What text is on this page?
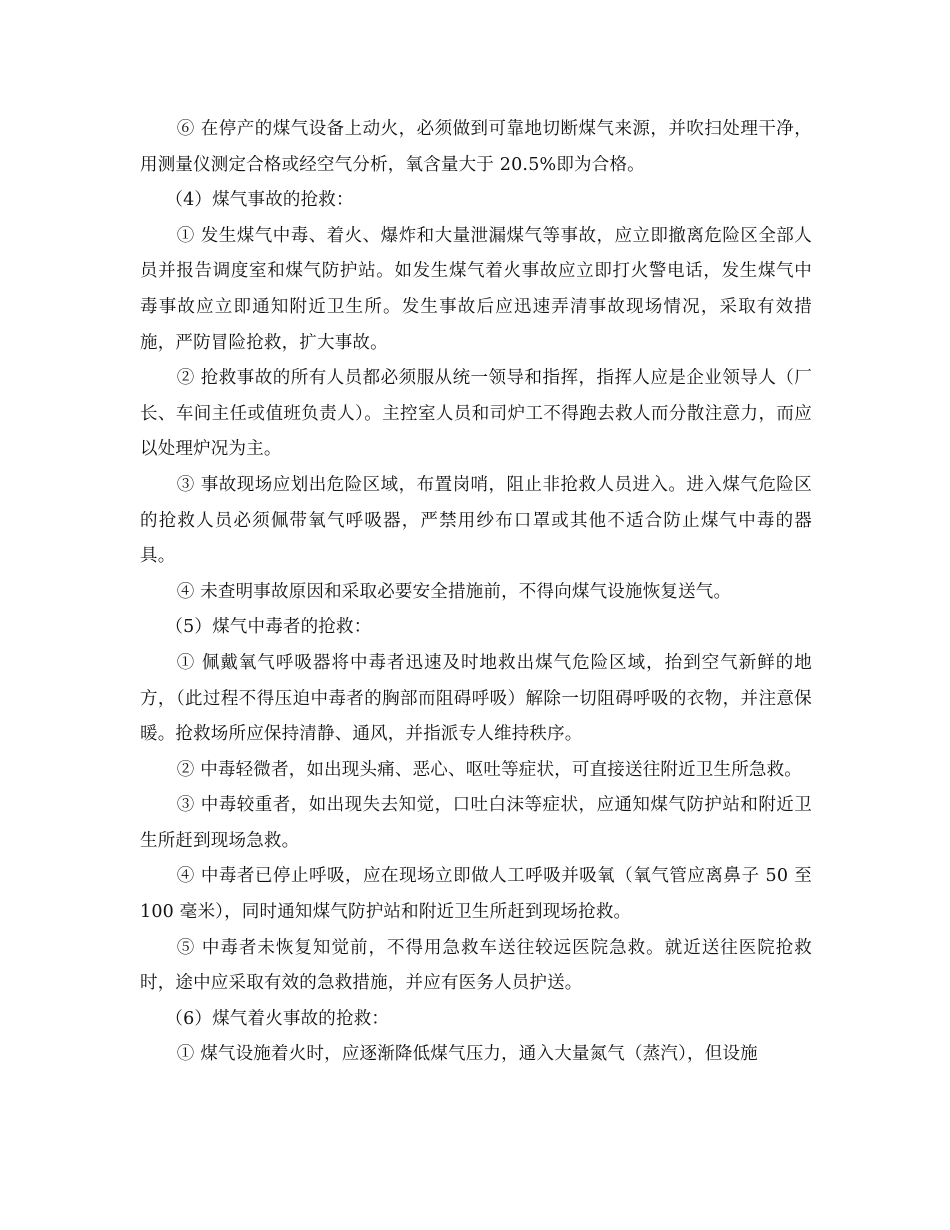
⑥ 在停产的煤气设备上动火，必须做到可靠地切断煤气来源，并吹扫处理干净，用测量仪测定合格或经空气分析，氧含量大于 20.5%即为合格。

（4）煤气事故的抢救：

① 发生煤气中毒、着火、爆炸和大量泄漏煤气等事故，应立即撤离危险区全部人员并报告调度室和煤气防护站。如发生煤气着火事故应立即打火警电话，发生煤气中毒事故应立即通知附近卫生所。发生事故后应迅速弄清事故现场情况，采取有效措施，严防冒险抢救，扩大事故。

② 抢救事故的所有人员都必须服从统一领导和指挥，指挥人应是企业领导人（厂长、车间主任或值班负责人）。主控室人员和司炉工不得跑去救人而分散注意力，而应以处理炉况为主。

③ 事故现场应划出危险区域，布置岗哨，阻止非抢救人员进入。进入煤气危险区的抢救人员必须佩带氧气呼吸器，严禁用纱布口罩或其他不适合防止煤气中毒的器具。

④ 未查明事故原因和采取必要安全措施前，不得向煤气设施恢复送气。

（5）煤气中毒者的抢救：

① 佩戴氧气呼吸器将中毒者迅速及时地救出煤气危险区域，抬到空气新鲜的地方，（此过程不得压迫中毒者的胸部而阻碍呼吸）解除一切阻碍呼吸的衣物，并注意保暖。抢救场所应保持清静、通风，并指派专人维持秩序。

② 中毒轻微者，如出现头痛、恶心、呕吐等症状，可直接送往附近卫生所急救。

③ 中毒较重者，如出现失去知觉，口吐白沫等症状，应通知煤气防护站和附近卫生所赶到现场急救。

④ 中毒者已停止呼吸，应在现场立即做人工呼吸并吸氧（氧气管应离鼻子 50 至 100 毫米），同时通知煤气防护站和附近卫生所赶到现场抢救。

⑤ 中毒者未恢复知觉前，不得用急救车送往较远医院急救。就近送往医院抢救时，途中应采取有效的急救措施，并应有医务人员护送。

（6）煤气着火事故的抢救：

① 煤气设施着火时，应逐渐降低煤气压力，通入大量氮气（蒸汽），但设施
